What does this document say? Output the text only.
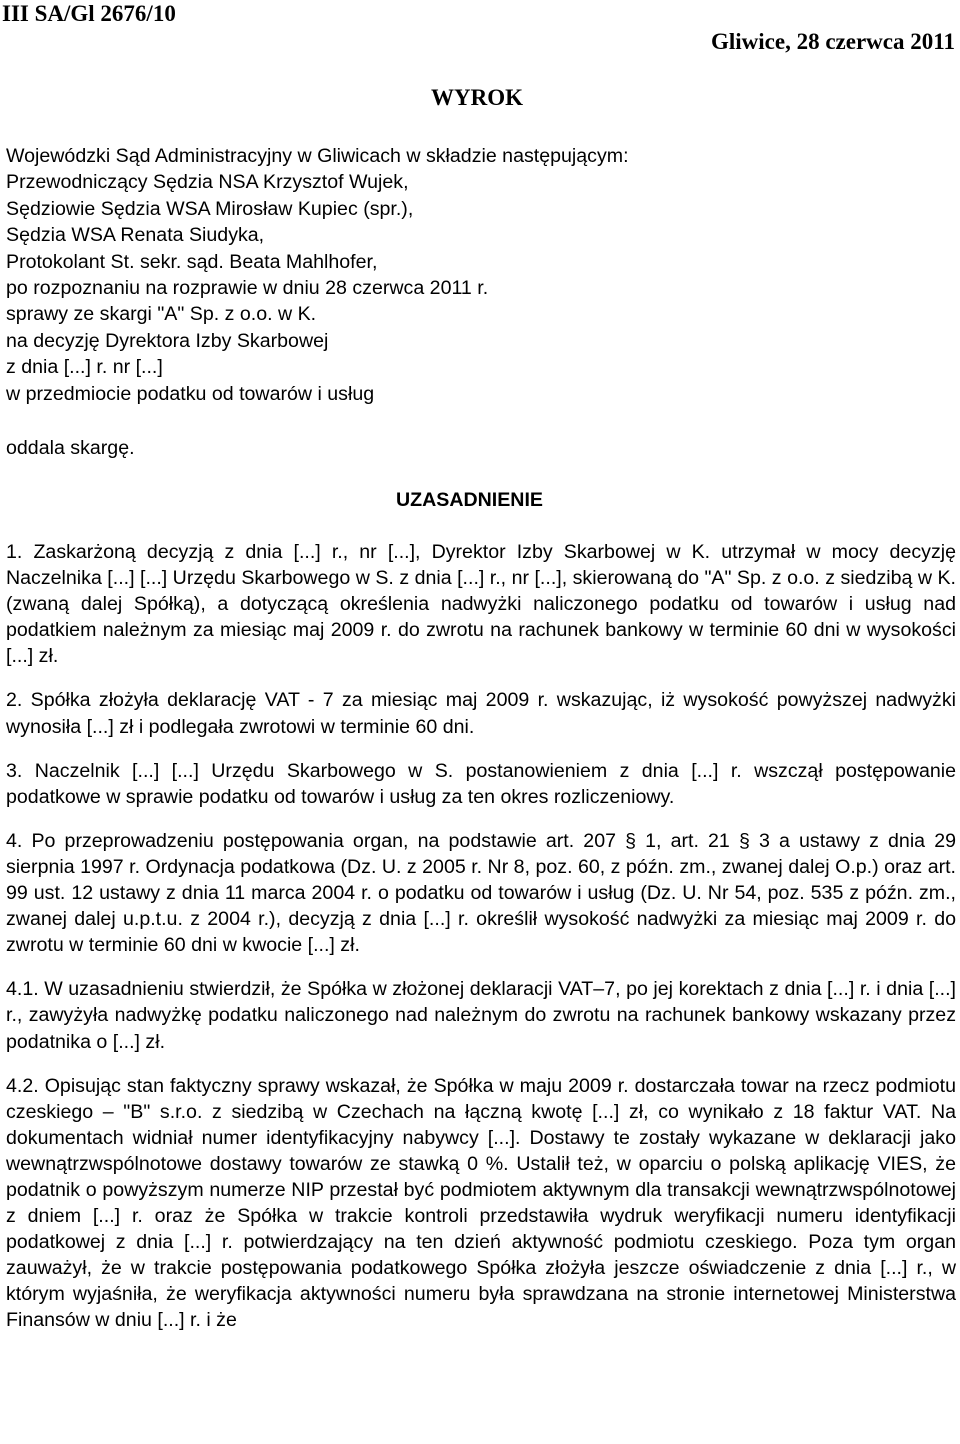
III SA/Gl 2676/10
Gliwice, 28 czerwca 2011
WYROK
Wojewódzki Sąd Administracyjny w Gliwicach w składzie następującym:
Przewodniczący Sędzia NSA Krzysztof Wujek,
Sędziowie Sędzia WSA Mirosław Kupiec (spr.),
Sędzia WSA Renata Siudyka,
Protokolant St. sekr. sąd. Beata Mahlhofer,
po rozpoznaniu na rozprawie w dniu 28 czerwca 2011 r.
sprawy ze skargi "A" Sp. z o.o. w K.
na decyzję Dyrektora Izby Skarbowej
z dnia [...] r. nr [...]
w przedmiocie podatku od towarów i usług
oddala skargę.
UZASADNIENIE
1. Zaskarżoną decyzją z dnia [...] r., nr [...], Dyrektor Izby Skarbowej w K. utrzymał w mocy decyzję Naczelnika [...] [...] Urzędu Skarbowego w S. z dnia [...] r., nr [...], skierowaną do "A" Sp. z o.o. z siedzibą w K. (zwaną dalej Spółką), a dotyczącą określenia nadwyżki naliczonego podatku od towarów i usług nad podatkiem należnym za miesiąc maj 2009 r. do zwrotu na rachunek bankowy w terminie 60 dni w wysokości [...] zł.
2. Spółka złożyła deklarację VAT - 7 za miesiąc maj 2009 r. wskazując, iż wysokość powyższej nadwyżki wynosiła [...] zł i podlegała zwrotowi w terminie 60 dni.
3. Naczelnik [...] [...] Urzędu Skarbowego w S. postanowieniem z dnia [...] r. wszczął postępowanie podatkowe w sprawie podatku od towarów i usług za ten okres rozliczeniowy.
4. Po przeprowadzeniu postępowania organ, na podstawie art. 207 § 1, art. 21 § 3 a ustawy z dnia 29 sierpnia 1997 r. Ordynacja podatkowa (Dz. U. z 2005 r. Nr 8, poz. 60, z późn. zm., zwanej dalej O.p.) oraz art. 99 ust. 12 ustawy z dnia 11 marca 2004 r. o podatku od towarów i usług (Dz. U. Nr 54, poz. 535 z późn. zm., zwanej dalej u.p.t.u. z 2004 r.), decyzją z dnia [...] r. określił wysokość nadwyżki za miesiąc maj 2009 r. do zwrotu w terminie 60 dni w kwocie [...] zł.
4.1. W uzasadnieniu stwierdził, że Spółka w złożonej deklaracji VAT–7, po jej korektach z dnia [...] r. i dnia [...] r., zawyżyła nadwyżkę podatku naliczonego nad należnym do zwrotu na rachunek bankowy wskazany przez podatnika o [...] zł.
4.2. Opisując stan faktyczny sprawy wskazał, że Spółka w maju 2009 r. dostarczała towar na rzecz podmiotu czeskiego – "B" s.r.o. z siedzibą w Czechach na łączną kwotę [...] zł, co wynikało z 18 faktur VAT. Na dokumentach widniał numer identyfikacyjny nabywcy [...]. Dostawy te zostały wykazane w deklaracji jako wewnątrzwspólnotowe dostawy towarów ze stawką 0 %. Ustalił też, w oparciu o polską aplikację VIES, że podatnik o powyższym numerze NIP przestał być podmiotem aktywnym dla transakcji wewnątrzwspólnotowej z dniem [...] r. oraz że Spółka w trakcie kontroli przedstawiła wydruk weryfikacji numeru identyfikacji podatkowej z dnia [...] r. potwierdzający na ten dzień aktywność podmiotu czeskiego. Poza tym organ zauważył, że w trakcie postępowania podatkowego Spółka złożyła jeszcze oświadczenie z dnia [...] r., w którym wyjaśniła, że weryfikacja aktywności numeru była sprawdzana na stronie internetowej Ministerstwa Finansów w dniu [...] r. i że
